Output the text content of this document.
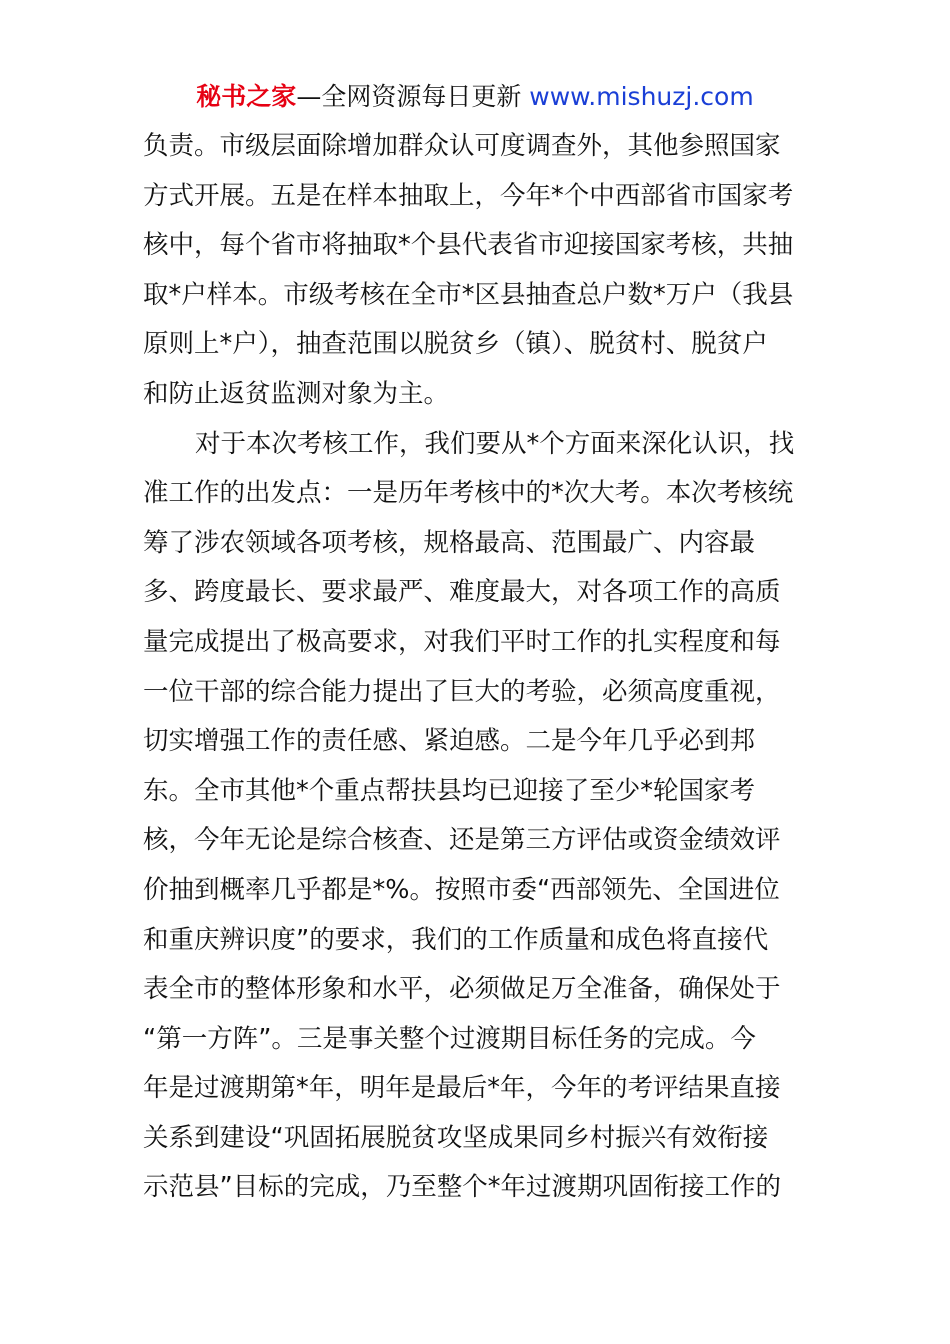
秘书之家—全网资源每日更新 www.mishuzj.com
负责。市级层面除增加群众认可度调查外，其他参照国家
方式开展。五是在样本抽取上，今年*个中西部省市国家考
核中，每个省市将抽取*个县代表省市迎接国家考核，共抽
取*户样本。市级考核在全市*区县抽查总户数*万户（我县
原则上*户），抽查范围以脱贫乡（镇）、脱贫村、脱贫户
和防止返贫监测对象为主。
对于本次考核工作，我们要从*个方面来深化认识，找
准工作的出发点：一是历年考核中的*次大考。本次考核统
筹了涉农领域各项考核，规格最高、范围最广、内容最
多、跨度最长、要求最严、难度最大，对各项工作的高质
量完成提出了极高要求，对我们平时工作的扎实程度和每
一位干部的综合能力提出了巨大的考验，必须高度重视，
切实增强工作的责任感、紧迫感。二是今年几乎必到邦
东。全市其他*个重点帮扶县均已迎接了至少*轮国家考
核，今年无论是综合核查、还是第三方评估或资金绩效评
价抽到概率几乎都是*%。按照市委“西部领先、全国进位
和重庆辨识度”的要求，我们的工作质量和成色将直接代
表全市的整体形象和水平，必须做足万全准备，确保处于
“第一方阵”。三是事关整个过渡期目标任务的完成。今
年是过渡期第*年，明年是最后*年，今年的考评结果直接
关系到建设“巩固拓展脱贫攻坚成果同乡村振兴有效衔接
示范县”目标的完成，乃至整个*年过渡期巩固衔接工作的
